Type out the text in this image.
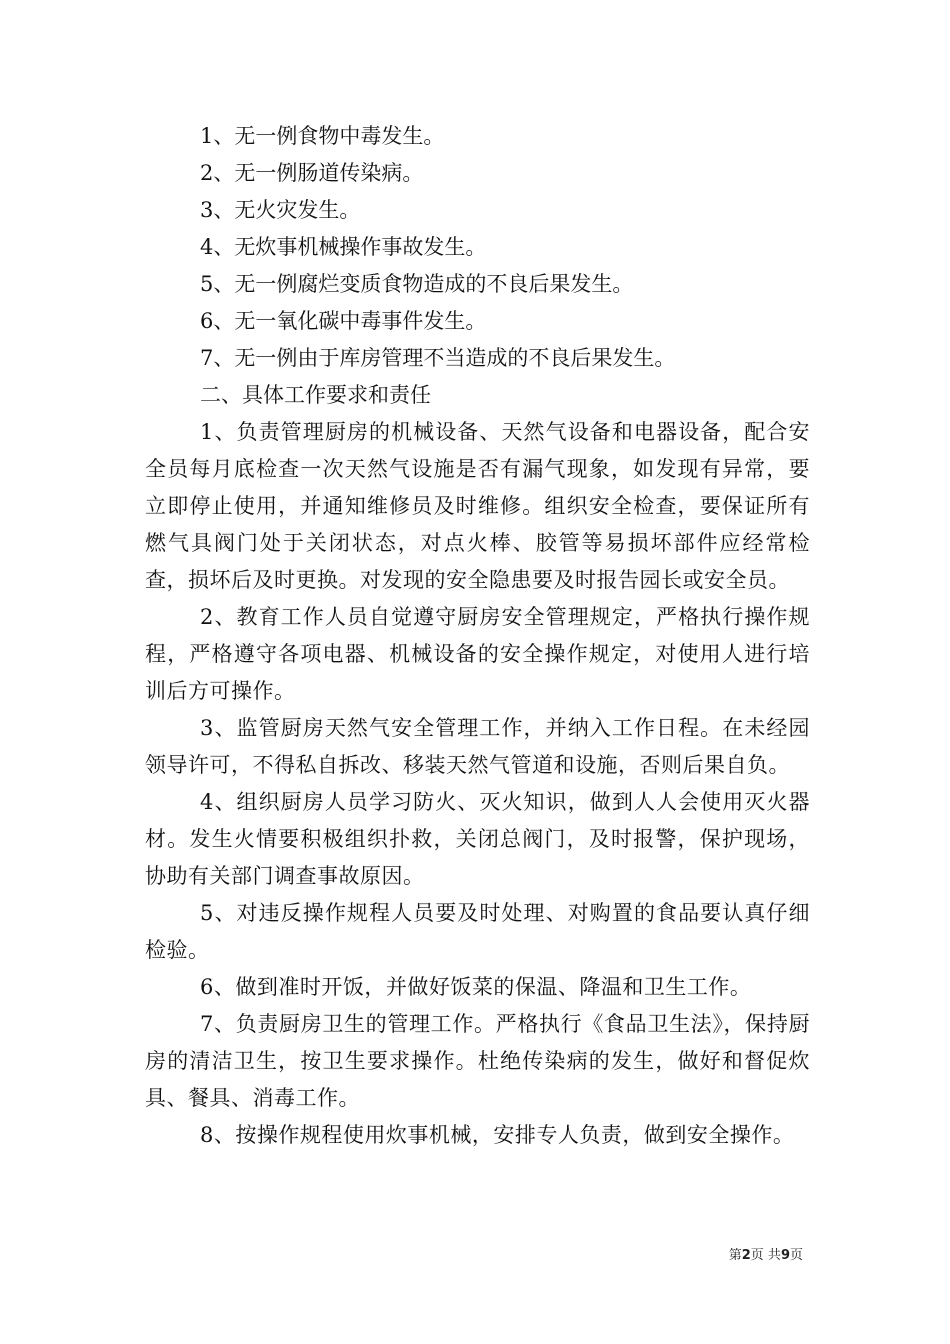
1、无一例食物中毒发生。
2、无一例肠道传染病。
3、无火灾发生。
4、无炊事机械操作事故发生。
5、无一例腐烂变质食物造成的不良后果发生。
6、无一氧化碳中毒事件发生。
7、无一例由于库房管理不当造成的不良后果发生。
二、具体工作要求和责任
1、负责管理厨房的机械设备、天然气设备和电器设备，配合安全员每月底检查一次天然气设施是否有漏气现象，如发现有异常，要立即停止使用，并通知维修员及时维修。组织安全检查，要保证所有燃气具阀门处于关闭状态，对点火棒、胶管等易损坏部件应经常检查，损坏后及时更换。对发现的安全隐患要及时报告园长或安全员。
2、教育工作人员自觉遵守厨房安全管理规定，严格执行操作规程，严格遵守各项电器、机械设备的安全操作规定，对使用人进行培训后方可操作。
3、监管厨房天然气安全管理工作，并纳入工作日程。在未经园领导许可，不得私自拆改、移装天然气管道和设施，否则后果自负。
4、组织厨房人员学习防火、灭火知识，做到人人会使用灭火器材。发生火情要积极组织扑救，关闭总阀门，及时报警，保护现场，协助有关部门调查事故原因。
5、对违反操作规程人员要及时处理、对购置的食品要认真仔细检验。
6、做到准时开饭，并做好饭菜的保温、降温和卫生工作。
7、负责厨房卫生的管理工作。严格执行《食品卫生法》，保持厨房的清洁卫生，按卫生要求操作。杜绝传染病的发生，做好和督促炊具、餐具、消毒工作。
8、按操作规程使用炊事机械，安排专人负责，做到安全操作。
第2页 共9页
